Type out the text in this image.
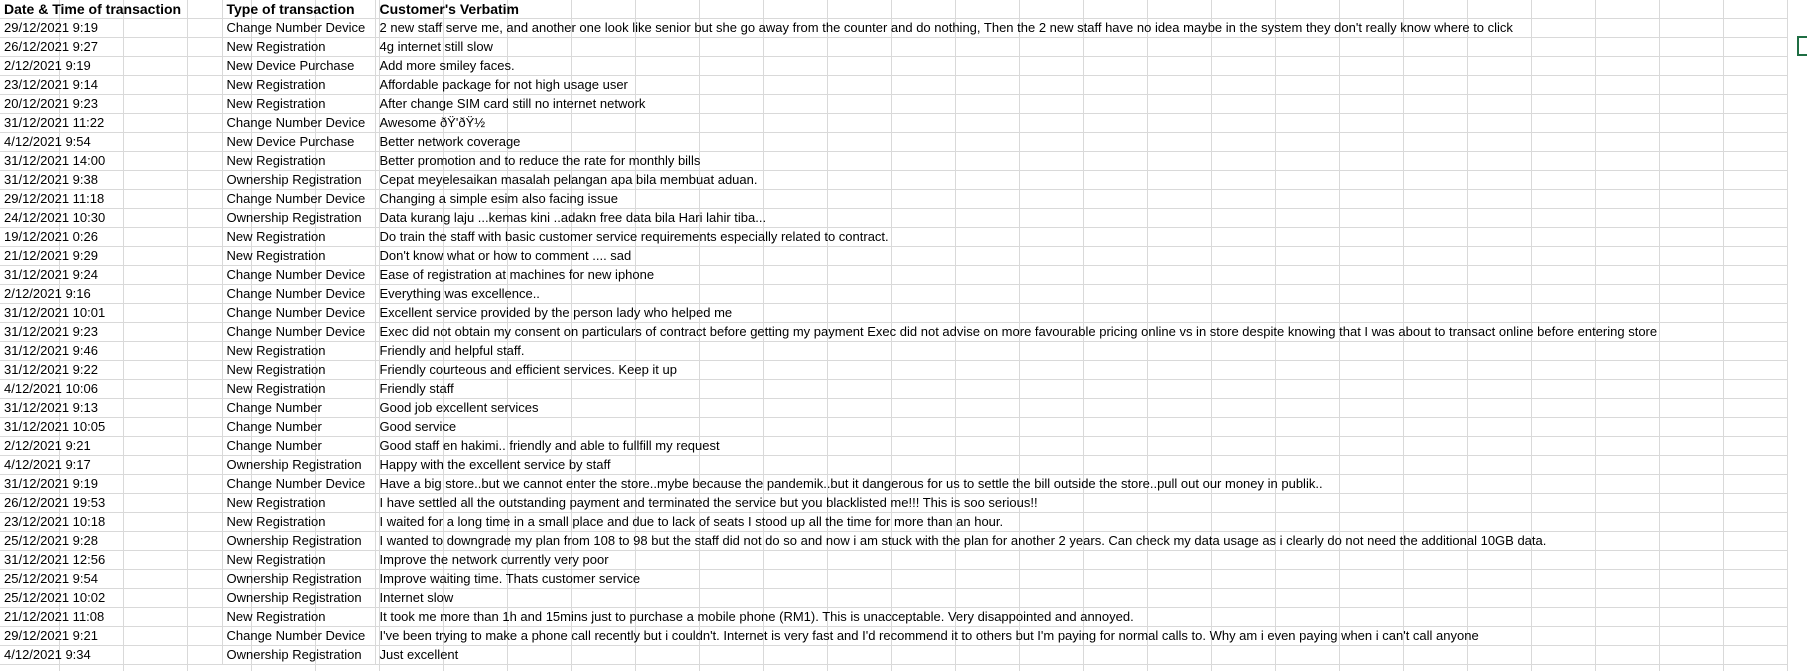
Date & Time of transaction	Type of transaction	Customer's Verbatim
29/12/2021 9:19	Change Number Device	2 new staff serve me, and another one look like senior but she go away from the counter and do nothing, Then the 2 new staff have no idea maybe in the system they don't really know where to click
26/12/2021 9:27	New Registration	4g internet still slow
2/12/2021 9:19	New Device Purchase	Add more smiley faces.
23/12/2021 9:14	New Registration	Affordable package for not high usage user
20/12/2021 9:23	New Registration	After change SIM card still no internet network
31/12/2021 11:22	Change Number Device	Awesome ðŸ'ðŸ½
4/12/2021 9:54	New Device Purchase	Better network coverage
31/12/2021 14:00	New Registration	Better promotion and to reduce the rate for monthly bills
31/12/2021 9:38	Ownership Registration	Cepat meyelesaikan masalah pelangan apa bila membuat aduan.
29/12/2021 11:18	Change Number Device	Changing a simple esim also facing issue
24/12/2021 10:30	Ownership Registration	Data kurang laju ...kemas kini ..adakn free data bila Hari lahir tiba...
19/12/2021 0:26	New Registration	Do train the staff with basic customer service requirements especially related to contract.
21/12/2021 9:29	New Registration	Don't know what or how to comment .... sad
31/12/2021 9:24	Change Number Device	Ease of registration at machines for new iphone
2/12/2021 9:16	Change Number Device	Everything was excellence..
31/12/2021 10:01	Change Number Device	Excellent service provided by the person lady who helped me
31/12/2021 9:23	Change Number Device	Exec did not obtain my consent on particulars of contract before getting my payment Exec did not advise on more favourable pricing online vs in store despite knowing that I was about to transact online before entering store
31/12/2021 9:46	New Registration	Friendly and helpful staff.
31/12/2021 9:22	New Registration	Friendly courteous and efficient services. Keep it up
4/12/2021 10:06	New Registration	Friendly staff
31/12/2021 9:13	Change Number	Good job excellent services
31/12/2021 10:05	Change Number	Good service
2/12/2021 9:21	Change Number	Good staff en hakimi.. friendly and able to fullfill my request
4/12/2021 9:17	Ownership Registration	Happy with the excellent service by staff
31/12/2021 9:19	Change Number Device	Have a big store..but we cannot enter the store..mybe because the pandemik..but it dangerous for us to settle the bill outside the store..pull out our money in publik..
26/12/2021 19:53	New Registration	I have settled all the outstanding payment and terminated the service but you blacklisted me!!! This is soo serious!!
23/12/2021 10:18	New Registration	I waited for a long time in a small place and due to lack of seats I stood up all the time for more than an hour.
25/12/2021 9:28	Ownership Registration	I wanted to downgrade my plan from 108 to 98 but the staff did not do so and now i am stuck with the plan for another 2 years. Can check my data usage as i clearly do not need the additional 10GB data.
31/12/2021 12:56	New Registration	Improve the network currently very poor
25/12/2021 9:54	Ownership Registration	Improve waiting time. Thats customer service
25/12/2021 10:02	Ownership Registration	Internet slow
21/12/2021 11:08	New Registration	It took me more than 1h and 15mins just to purchase a mobile phone (RM1). This is unacceptable. Very disappointed and annoyed.
29/12/2021 9:21	Change Number Device	I've been trying to make a phone call recently but i couldn't. Internet is very fast and I'd recommend it to others but I'm paying for normal calls to. Why am i even paying when i can't call anyone
4/12/2021 9:34	Ownership Registration	Just excellent
